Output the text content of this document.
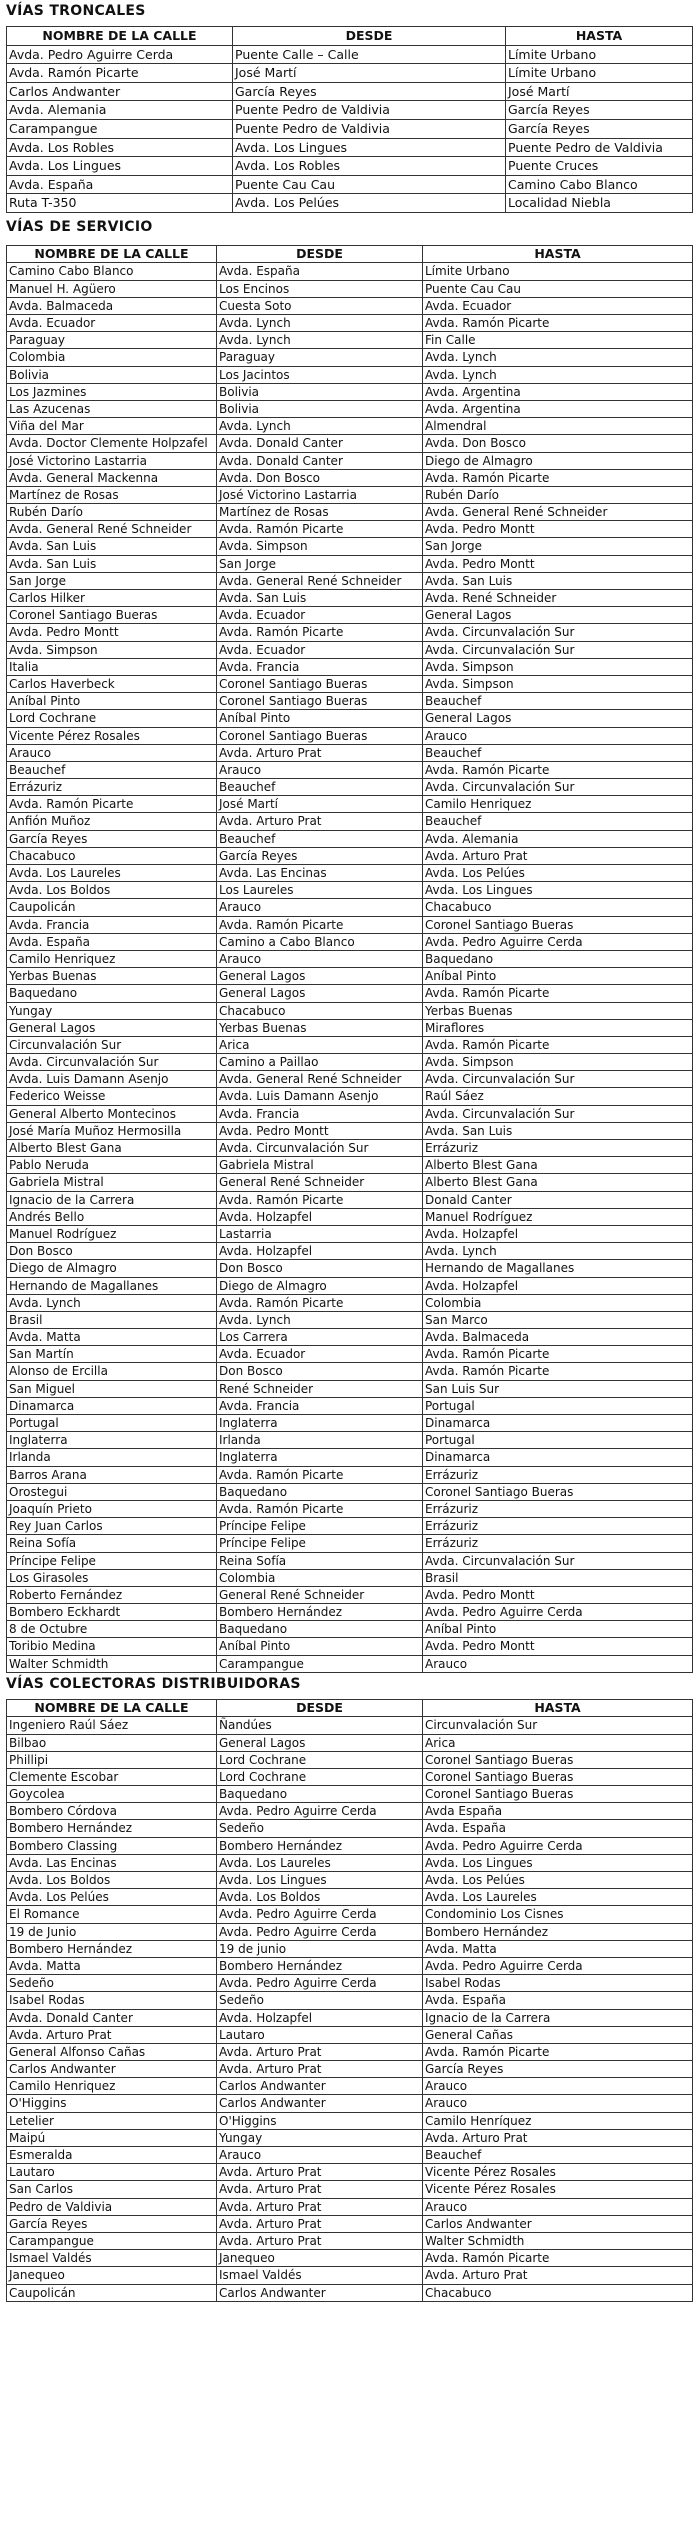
VÍAS TRONCALES
NOMBRE DE LA CALLE	DESDE	HASTA
Avda. Pedro Aguirre Cerda	Puente Calle – Calle	Límite Urbano
Avda. Ramón Picarte	José Martí	Límite Urbano
Carlos Andwanter	García Reyes	José Martí
Avda. Alemania	Puente Pedro de Valdivia	García Reyes
Carampangue	Puente Pedro de Valdivia	García Reyes
Avda. Los Robles	Avda. Los Lingues	Puente Pedro de Valdivia
Avda. Los Lingues	Avda. Los Robles	Puente Cruces
Avda. España	Puente Cau Cau	Camino Cabo Blanco
Ruta T-350	Avda. Los Pelúes	Localidad Niebla
VÍAS DE SERVICIO
NOMBRE DE LA CALLE	DESDE	HASTA
Camino Cabo Blanco	Avda. España	Límite Urbano
Manuel H. Agüero	Los Encinos	Puente Cau Cau
Avda. Balmaceda	Cuesta Soto	Avda. Ecuador
Avda. Ecuador	Avda. Lynch	Avda. Ramón Picarte
Paraguay	Avda. Lynch	Fin Calle
Colombia	Paraguay	Avda. Lynch
Bolivia	Los Jacintos	Avda. Lynch
Los Jazmines	Bolivia	Avda. Argentina
Las Azucenas	Bolivia	Avda. Argentina
Viña del Mar	Avda. Lynch	Almendral
Avda. Doctor Clemente Holpzafel	Avda. Donald Canter	Avda. Don Bosco
José Victorino Lastarria	Avda. Donald Canter	Diego de Almagro
Avda. General Mackenna	Avda. Don Bosco	Avda. Ramón Picarte
Martínez de Rosas	José Victorino Lastarria	Rubén Darío
Rubén Darío	Martínez de Rosas	Avda. General René Schneider
Avda. General René Schneider	Avda. Ramón Picarte	Avda. Pedro Montt
Avda. San Luis	Avda. Simpson	San Jorge
Avda. San Luis	San Jorge	Avda. Pedro Montt
San Jorge	Avda. General René Schneider	Avda. San Luis
Carlos Hilker	Avda. San Luis	Avda. René Schneider
Coronel Santiago Bueras	Avda. Ecuador	General Lagos
Avda. Pedro Montt	Avda. Ramón Picarte	Avda. Circunvalación Sur
Avda. Simpson	Avda. Ecuador	Avda. Circunvalación Sur
Italia	Avda. Francia	Avda. Simpson
Carlos Haverbeck	Coronel Santiago Bueras	Avda. Simpson
Aníbal Pinto	Coronel Santiago Bueras	Beauchef
Lord Cochrane	Aníbal Pinto	General Lagos
Vicente Pérez Rosales	Coronel Santiago Bueras	Arauco
Arauco	Avda. Arturo Prat	Beauchef
Beauchef	Arauco	Avda. Ramón Picarte
Errázuriz	Beauchef	Avda. Circunvalación Sur
Avda. Ramón Picarte	José Martí	Camilo Henriquez
Anfión Muñoz	Avda. Arturo Prat	Beauchef
García Reyes	Beauchef	Avda. Alemania
Chacabuco	García Reyes	Avda. Arturo Prat
Avda. Los Laureles	Avda. Las Encinas	Avda. Los Pelúes
Avda. Los Boldos	Los Laureles	Avda. Los Lingues
Caupolicán	Arauco	Chacabuco
Avda. Francia	Avda. Ramón Picarte	Coronel Santiago Bueras
Avda. España	Camino a Cabo Blanco	Avda. Pedro Aguirre Cerda
Camilo Henriquez	Arauco	Baquedano
Yerbas Buenas	General Lagos	Aníbal Pinto
Baquedano	General Lagos	Avda. Ramón Picarte
Yungay	Chacabuco	Yerbas Buenas
General Lagos	Yerbas Buenas	Miraflores
Circunvalación Sur	Arica	Avda. Ramón Picarte
Avda. Circunvalación Sur	Camino a Paillao	Avda. Simpson
Avda. Luis Damann Asenjo	Avda. General René Schneider	Avda. Circunvalación Sur
Federico Weisse	Avda. Luis Damann Asenjo	Raúl Sáez
General Alberto Montecinos	Avda. Francia	Avda. Circunvalación Sur
José María Muñoz Hermosilla	Avda. Pedro Montt	Avda. San Luis
Alberto Blest Gana	Avda. Circunvalación Sur	Errázuriz
Pablo Neruda	Gabriela Mistral	Alberto Blest Gana
Gabriela Mistral	General René Schneider	Alberto Blest Gana
Ignacio de la Carrera	Avda. Ramón Picarte	Donald Canter
Andrés Bello	Avda. Holzapfel	Manuel Rodríguez
Manuel Rodríguez	Lastarria	Avda. Holzapfel
Don Bosco	Avda. Holzapfel	Avda. Lynch
Diego de Almagro	Don Bosco	Hernando de Magallanes
Hernando de Magallanes	Diego de Almagro	Avda. Holzapfel
Avda. Lynch	Avda. Ramón Picarte	Colombia
Brasil	Avda. Lynch	San Marco
Avda. Matta	Los Carrera	Avda. Balmaceda
San Martín	Avda. Ecuador	Avda. Ramón Picarte
Alonso de Ercilla	Don Bosco	Avda. Ramón Picarte
San Miguel	René Schneider	San Luis Sur
Dinamarca	Avda. Francia	Portugal
Portugal	Inglaterra	Dinamarca
Inglaterra	Irlanda	Portugal
Irlanda	Inglaterra	Dinamarca
Barros Arana	Avda. Ramón Picarte	Errázuriz
Orostegui	Baquedano	Coronel Santiago Bueras
Joaquín Prieto	Avda. Ramón Picarte	Errázuriz
Rey Juan Carlos	Príncipe Felipe	Errázuriz
Reina Sofía	Príncipe Felipe	Errázuriz
Príncipe Felipe	Reina Sofía	Avda. Circunvalación Sur
Los Girasoles	Colombia	Brasil
Roberto Fernández	General René Schneider	Avda. Pedro Montt
Bombero Eckhardt	Bombero Hernández	Avda. Pedro Aguirre Cerda
8 de Octubre	Baquedano	Aníbal Pinto
Toribio Medina	Aníbal Pinto	Avda. Pedro Montt
Walter Schmidth	Carampangue	Arauco
VÍAS COLECTORAS DISTRIBUIDORAS
NOMBRE DE LA CALLE	DESDE	HASTA
Ingeniero Raúl Sáez	Ñandúes	Circunvalación Sur
Bilbao	General Lagos	Arica
Phillipi	Lord Cochrane	Coronel Santiago Bueras
Clemente Escobar	Lord Cochrane	Coronel Santiago Bueras
Goycolea	Baquedano	Coronel Santiago Bueras
Bombero Córdova	Avda. Pedro Aguirre Cerda	Avda España
Bombero Hernández	Sedeño	Avda. España
Bombero Classing	Bombero Hernández	Avda. Pedro Aguirre Cerda
Avda. Las Encinas	Avda. Los Laureles	Avda. Los Lingues
Avda. Los Boldos	Avda. Los Lingues	Avda. Los Pelúes
Avda. Los Pelúes	Avda. Los Boldos	Avda. Los Laureles
El Romance	Avda. Pedro Aguirre Cerda	Condominio Los Cisnes
19 de Junio	Avda. Pedro Aguirre Cerda	Bombero Hernández
Bombero Hernández	19 de junio	Avda. Matta
Avda. Matta	Bombero Hernández	Avda. Pedro Aguirre Cerda
Sedeño	Avda. Pedro Aguirre Cerda	Isabel Rodas
Isabel Rodas	Sedeño	Avda. España
Avda. Donald Canter	Avda. Holzapfel	Ignacio de la Carrera
Avda. Arturo Prat	Lautaro	General Cañas
General Alfonso Cañas	Avda. Arturo Prat	Avda. Ramón Picarte
Carlos Andwanter	Avda. Arturo Prat	García Reyes
Camilo Henriquez	Carlos Andwanter	Arauco
O'Higgins	Carlos Andwanter	Arauco
Letelier	O'Higgins	Camilo Henríquez
Maipú	Yungay	Avda. Arturo Prat
Esmeralda	Arauco	Beauchef
Lautaro	Avda. Arturo Prat	Vicente Pérez Rosales
San Carlos	Avda. Arturo Prat	Vicente Pérez Rosales
Pedro de Valdivia	Avda. Arturo Prat	Arauco
García Reyes	Avda. Arturo Prat	Carlos Andwanter
Carampangue	Avda. Arturo Prat	Walter Schmidth
Ismael Valdés	Janequeo	Avda. Ramón Picarte
Janequeo	Ismael Valdés	Avda. Arturo Prat
Caupolicán	Carlos Andwanter	Chacabuco
